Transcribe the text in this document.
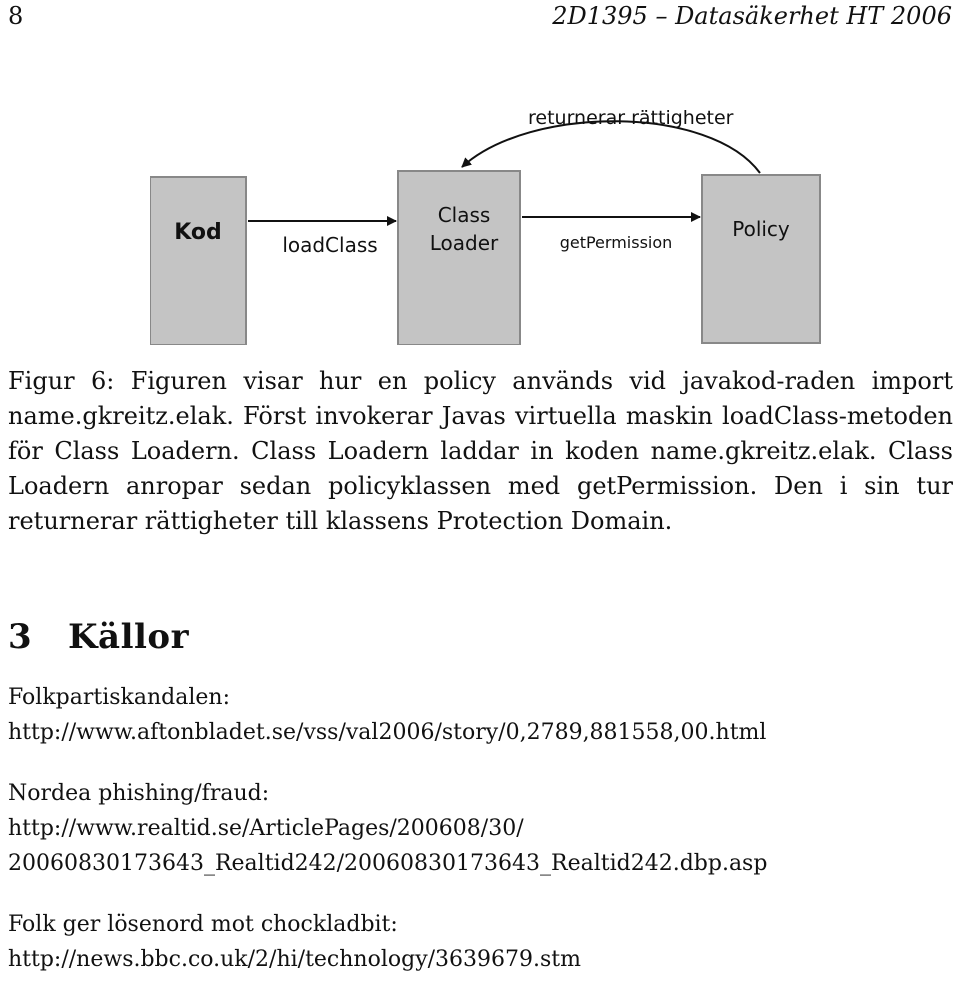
8	2D1395 – Datasäkerhet HT 2006
returnerar rättigheter
Kod	loadClass
Class
Loader	getPermission
Policy
Figur 6: Figuren visar hur en policy används vid javakod-raden import name.gkreitz.elak. Först invokerar Javas virtuella maskin loadClass-metoden för Class Loadern. Class Loadern laddar in koden name.gkreitz.elak. Class Loadern anropar sedan policyklassen med getPermission. Den i sin tur returnerar rättigheter till klassens Protection Domain.
3 Källor
Folkpartiskandalen:
http://www.aftonbladet.se/vss/val2006/story/0,2789,881558,00.html
Nordea phishing/fraud:
http://www.realtid.se/ArticlePages/200608/30/
20060830173643_Realtid242/20060830173643_Realtid242.dbp.asp
Folk ger lösenord mot chockladbit:
http://news.bbc.co.uk/2/hi/technology/3639679.stm
